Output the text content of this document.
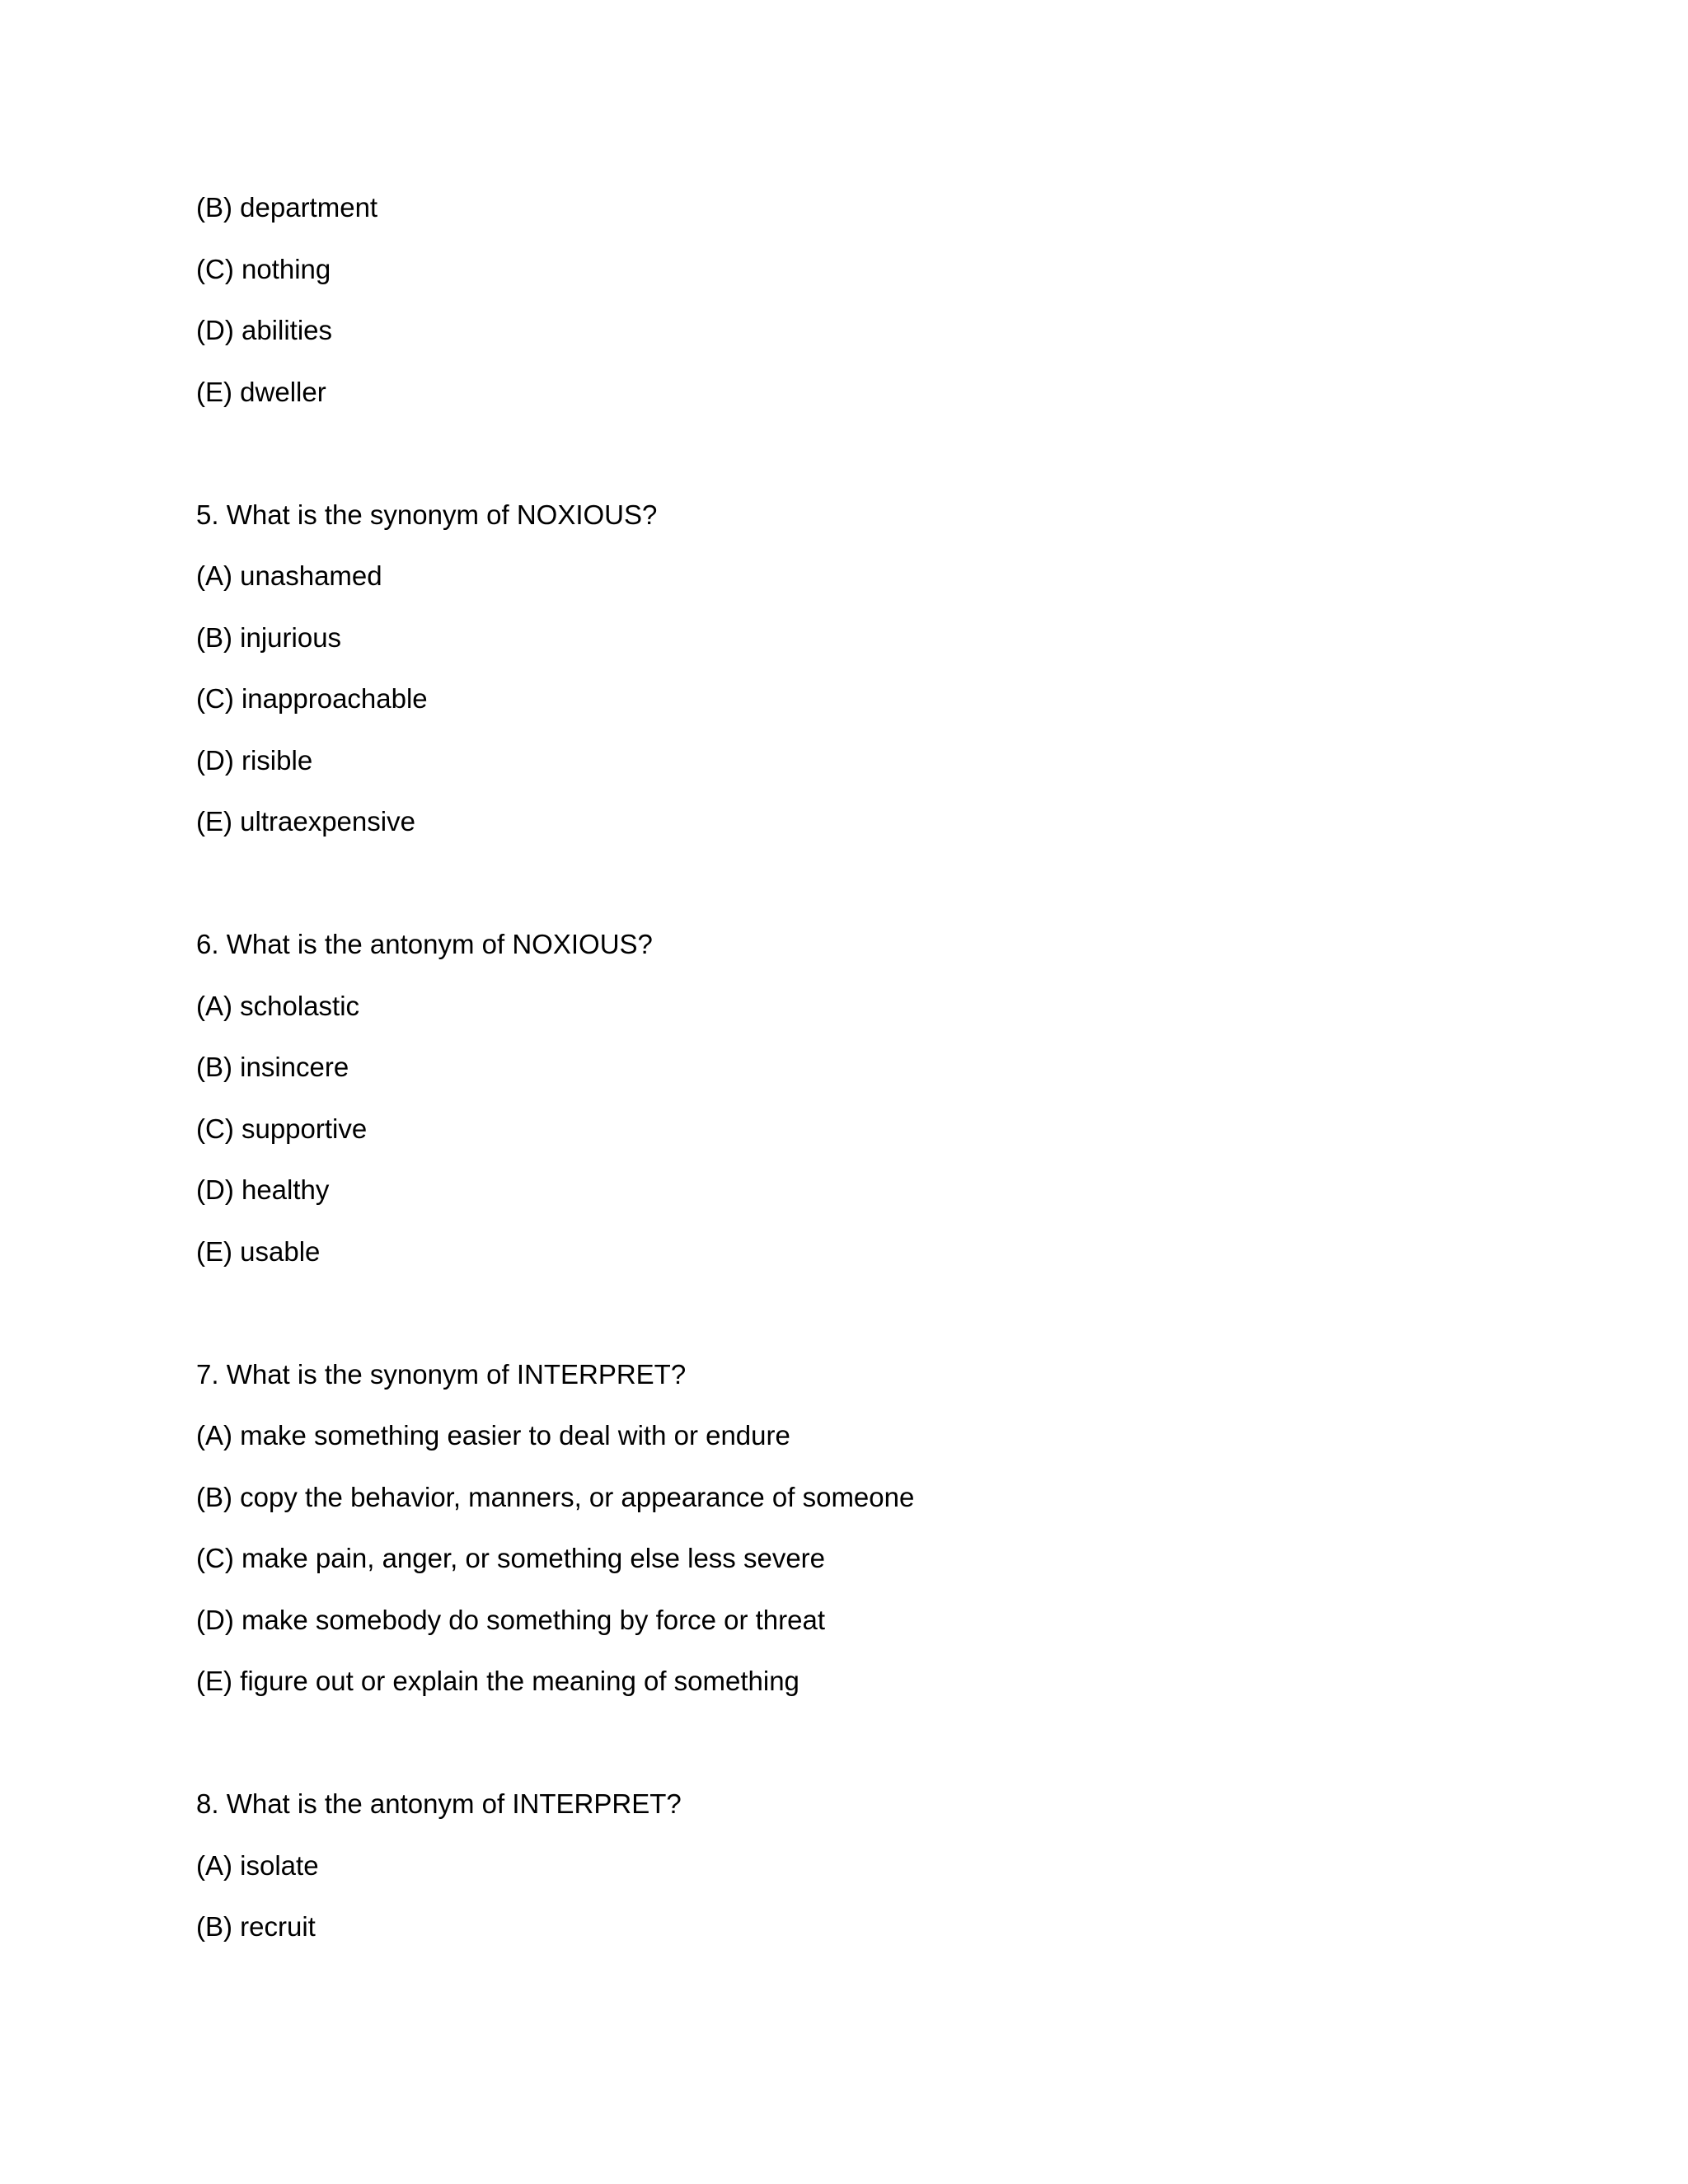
(B) department
(C) nothing
(D) abilities
(E) dweller
5. What is the synonym of NOXIOUS?
(A) unashamed
(B) injurious
(C) inapproachable
(D) risible
(E) ultraexpensive
6. What is the antonym of NOXIOUS?
(A) scholastic
(B) insincere
(C) supportive
(D) healthy
(E) usable
7. What is the synonym of INTERPRET?
(A) make something easier to deal with or endure
(B) copy the behavior, manners, or appearance of someone
(C) make pain, anger, or something else less severe
(D) make somebody do something by force or threat
(E) figure out or explain the meaning of something
8. What is the antonym of INTERPRET?
(A) isolate
(B) recruit
